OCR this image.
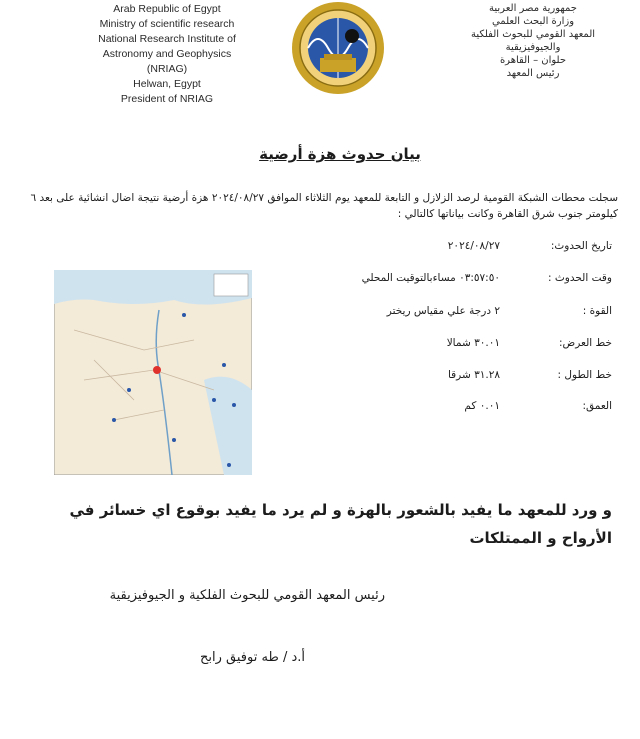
Arab Republic of Egypt
Ministry of scientific research
National Research Institute of
Astronomy and Geophysics
(NRIAG)
Helwan, Egypt
President of NRIAG
جمهورية مصر العربية
وزارة البحث العلمي
المعهد القومي للبحوث الفلكية
والجيوفيزيقية
حلوان – القاهرة
رئيس المعهد
بيان حدوث هزة أرضية
سجلت محطات الشبكة القومية لرصد الزلازل و التابعة للمعهد يوم الثلاثاء الموافق ٢٠٢٤/٠٨/٢٧ هزة أرضية نتيجة اضال انشائية على بعد ٦ كيلومتر جنوب شرق القاهرة وكانت بياناتها كالتالي :
تاريخ الحدوث:
٢٠٢٤/٠٨/٢٧
وقت الحدوث :
٠٣:٥٧:٥٠ مساءبالتوقيت المحلي
القوة :
٢ درجة علي مقياس ريختر
خط العرض:
٣٠.٠١ شمالا
خط الطول :
٣١.٢٨ شرقا
العمق:
٠.٠١ كم
و ورد للمعهد ما يفيد بالشعور بالهزة و لم يرد ما يفيد بوقوع اي خسائر في الأرواح و الممتلكات
رئيس المعهد القومي للبحوث الفلكية و الجيوفيزيقية
أ.د / طه توفيق رابح
